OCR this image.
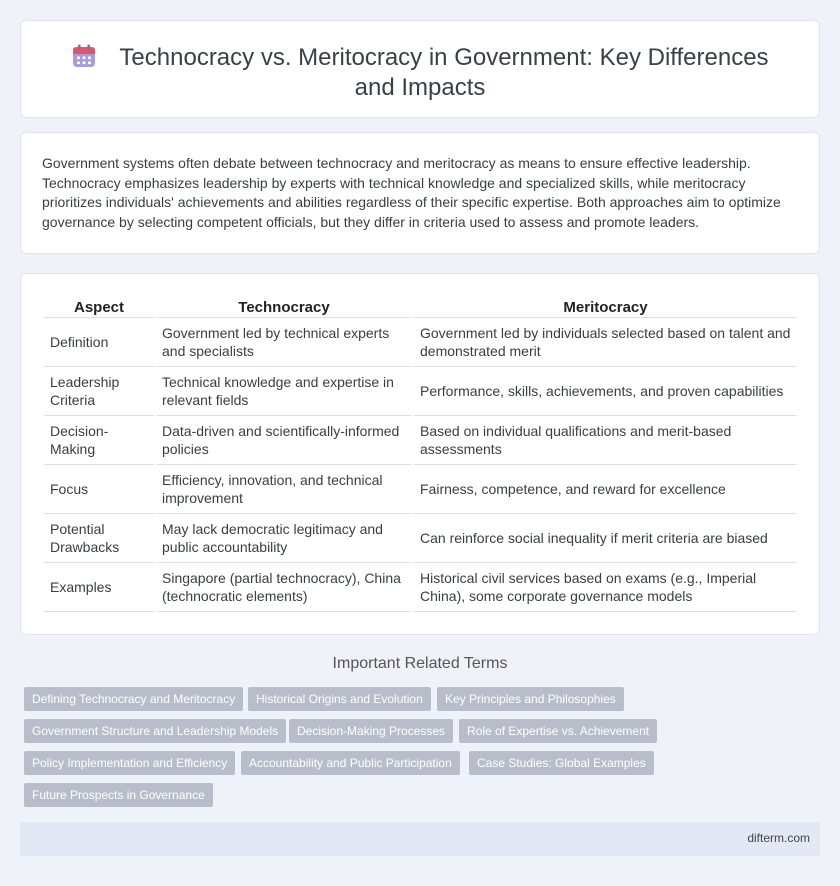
Technocracy vs. Meritocracy in Government: Key Differences and Impacts

Government systems often debate between technocracy and meritocracy as means to ensure effective leadership. Technocracy emphasizes leadership by experts with technical knowledge and specialized skills, while meritocracy prioritizes individuals' achievements and abilities regardless of their specific expertise. Both approaches aim to optimize governance by selecting competent officials, but they differ in criteria used to assess and promote leaders.

Aspect	Technocracy	Meritocracy
Definition	Government led by technical experts and specialists	Government led by individuals selected based on talent and demonstrated merit
Leadership Criteria	Technical knowledge and expertise in relevant fields	Performance, skills, achievements, and proven capabilities
Decision-Making	Data-driven and scientifically-informed policies	Based on individual qualifications and merit-based assessments
Focus	Efficiency, innovation, and technical improvement	Fairness, competence, and reward for excellence
Potential Drawbacks	May lack democratic legitimacy and public accountability	Can reinforce social inequality if merit criteria are biased
Examples	Singapore (partial technocracy), China (technocratic elements)	Historical civil services based on exams (e.g., Imperial China), some corporate governance models
Important Related Terms
Defining Technocracy and Meritocracy	Historical Origins and Evolution	Key Principles and Philosophies
Government Structure and Leadership Models	Decision-Making Processes	Role of Expertise vs. Achievement
Policy Implementation and Efficiency	Accountability and Public Participation	Case Studies: Global Examples
Future Prospects in Governance
difterm.com
